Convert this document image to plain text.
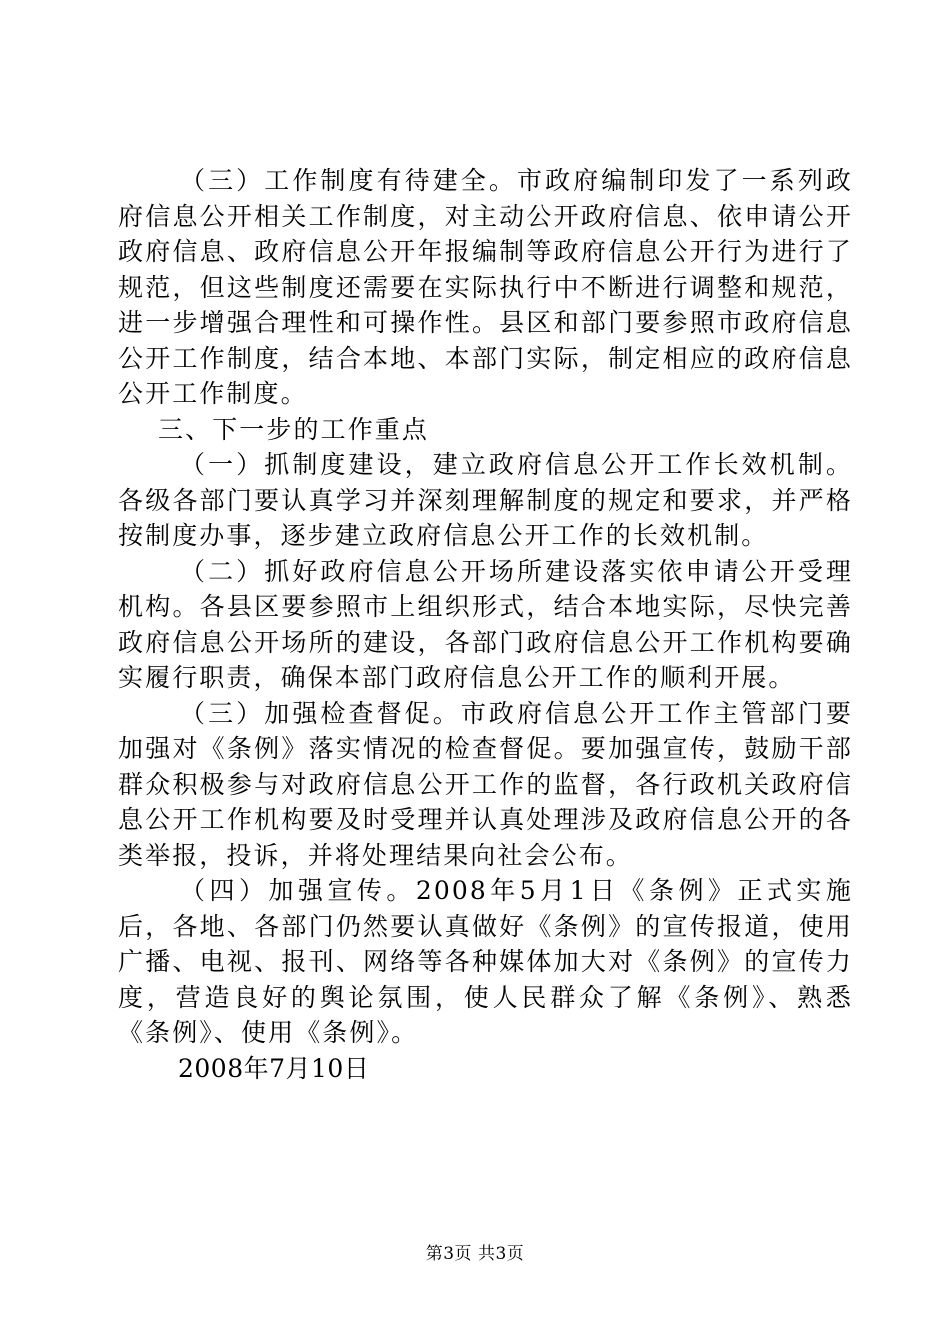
（三）工作制度有待建全。市政府编制印发了一系列政府信息公开相关工作制度，对主动公开政府信息、依申请公开政府信息、政府信息公开年报编制等政府信息公开行为进行了规范，但这些制度还需要在实际执行中不断进行调整和规范，进一步增强合理性和可操作性。县区和部门要参照市政府信息公开工作制度，结合本地、本部门实际，制定相应的政府信息公开工作制度。

三、下一步的工作重点

（一）抓制度建设，建立政府信息公开工作长效机制。各级各部门要认真学习并深刻理解制度的规定和要求，并严格按制度办事，逐步建立政府信息公开工作的长效机制。

（二）抓好政府信息公开场所建设落实依申请公开受理机构。各县区要参照市上组织形式，结合本地实际，尽快完善政府信息公开场所的建设，各部门政府信息公开工作机构要确实履行职责，确保本部门政府信息公开工作的顺利开展。

（三）加强检查督促。市政府信息公开工作主管部门要加强对《条例》落实情况的检查督促。要加强宣传，鼓励干部群众积极参与对政府信息公开工作的监督，各行政机关政府信息公开工作机构要及时受理并认真处理涉及政府信息公开的各类举报，投诉，并将处理结果向社会公布。

（四）加强宣传。2008年5月1日《条例》正式实施后，各地、各部门仍然要认真做好《条例》的宣传报道，使用广播、电视、报刊、网络等各种媒体加大对《条例》的宣传力度，营造良好的舆论氛围，使人民群众了解《条例》、熟悉《条例》、使用《条例》。

2008年7月10日

第3页 共3页
